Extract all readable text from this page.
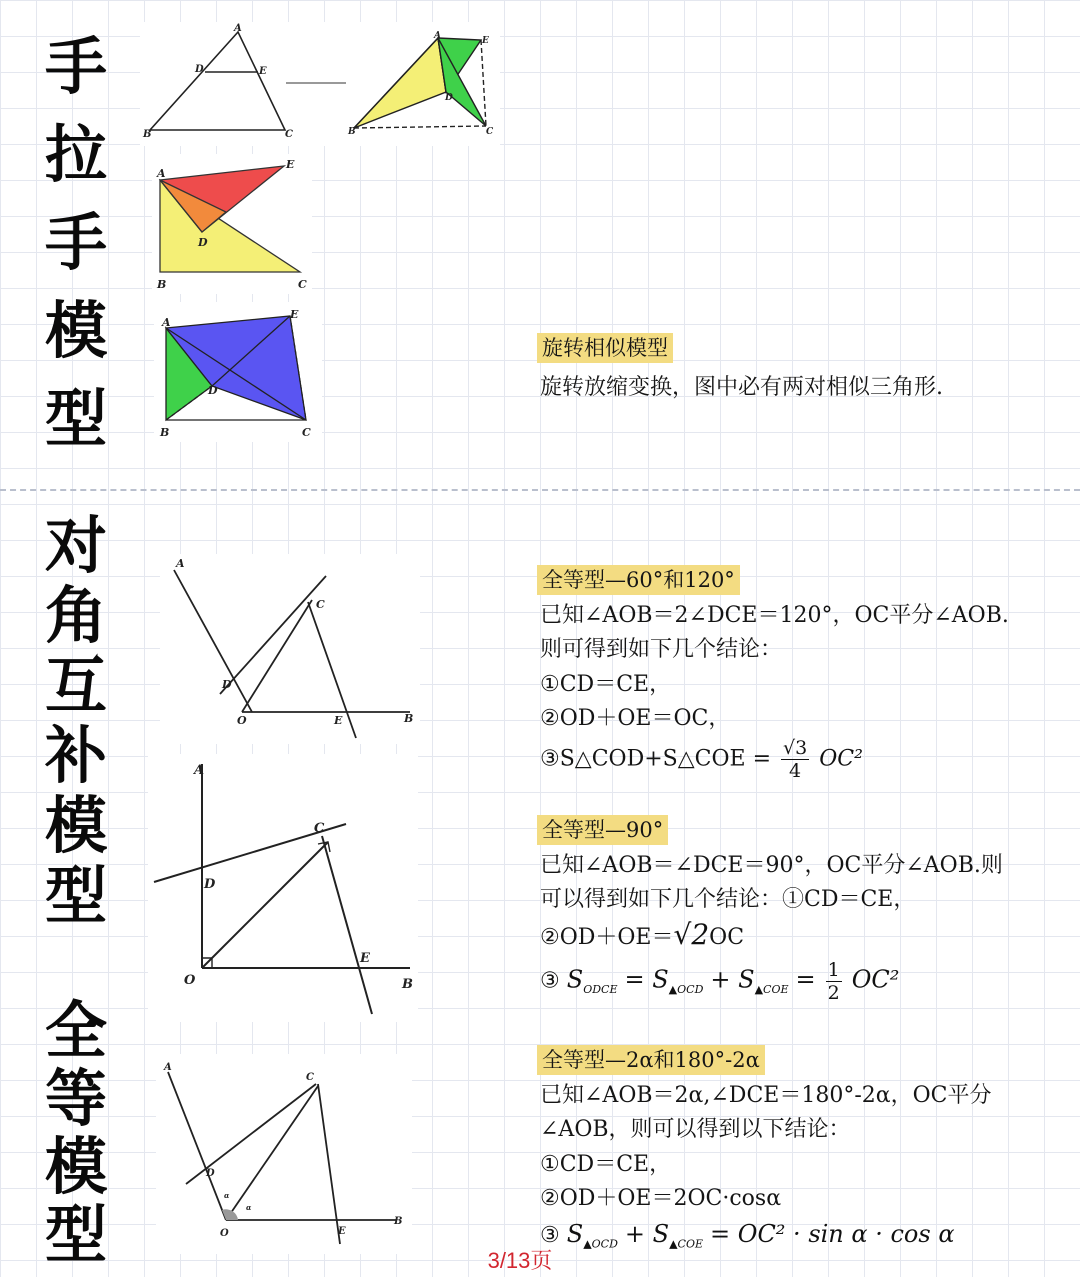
手
拉
手
模
型
A
B	C
D	E
A
B	C
D
E
A
B	C
D
E
A
B	C
D
E
旋转相似模型
旋转放缩变换，图中必有两对相似三角形.
对
角
互
补
模
型
全
等
模
型
A
O
D
C
E	B
A
D
C
E
O	B
A
D
C
O	E
B
α
α
全等型—60°和120°
已知∠AOB＝2∠DCE＝120°，OC平分∠AOB.
则可得到如下几个结论：
①CD＝CE，
②OD＋OE＝OC，
③S△COD+S△COE = $\frac{√3}{4} OC^2$
全等型—90°
已知∠AOB＝∠DCE＝90°，OC平分∠AOB.则
可以得到如下几个结论：①CD＝CE，
②OD＋OE＝√2OC
③ $S_{ODCE} = S_{▲OCD} + S_{▲COE} = \frac{1}{2} OC^2$
全等型—2α和180°-2α
已知∠AOB＝2α,∠DCE＝180°-2α，OC平分
∠AOB，则可以得到以下结论：
①CD＝CE，
②OD＋OE＝2OC·cosα
③ $S_{▲OCD} + S_{▲COE} = OC^2 \cdot \sin \alpha \cdot \cos \alpha$
3/13页
